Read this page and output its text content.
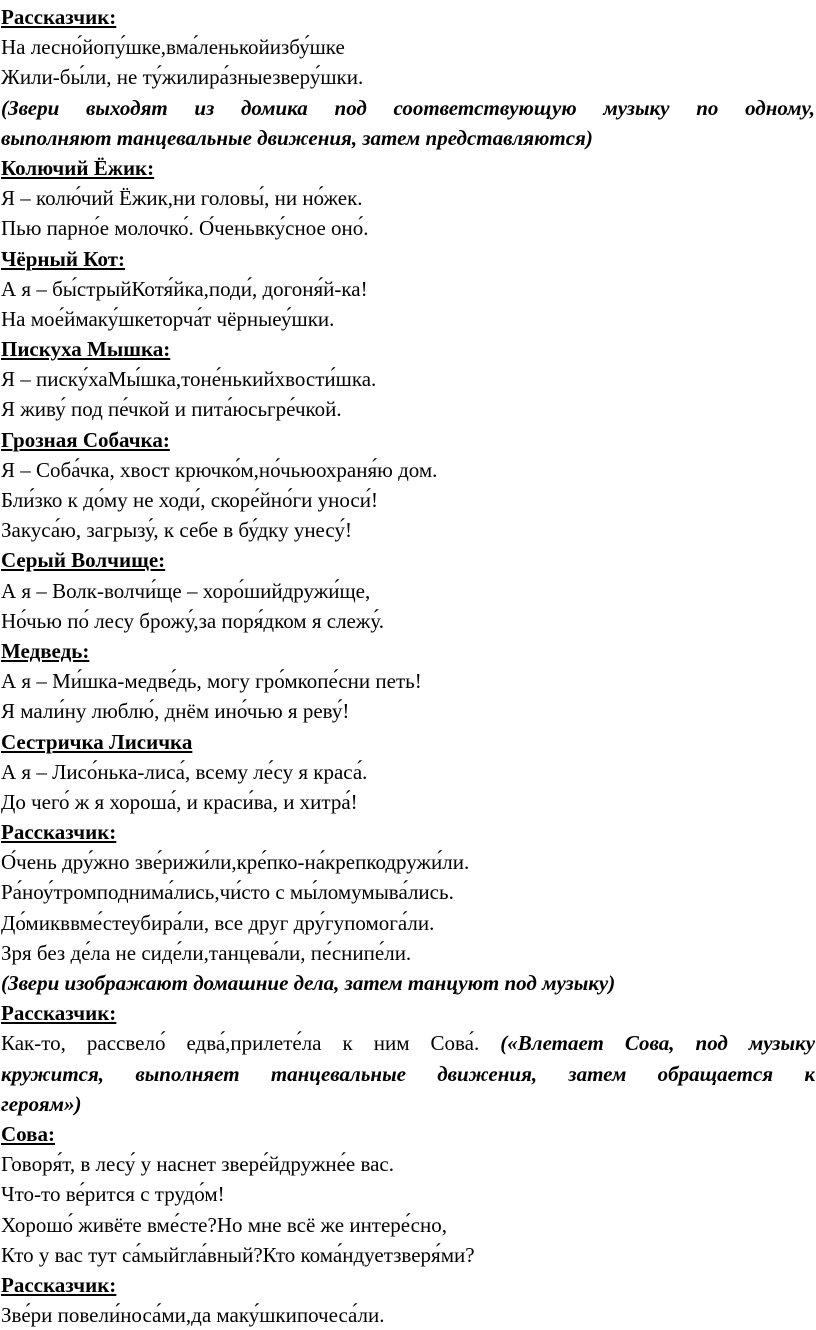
Рассказчик:
На лесно́йопу́шке,вма́ленькойизбу́шке
Жили-бы́ли, не ту́жилира́зныезверу́шки.
(Звери выходят из домика под соответствующую музыку по одному,
выполняют танцевальные движения, затем представляются)
Колючий Ёжик:
Я – колю́чий Ёжик,ни головы́, ни но́жек.
Пью парно́е молочко́. О́ченьвку́сное оно́.
Чёрный Кот:
А я – бы́стрыйКотя́йка,поди́, догоня́й-ка!
На мое́ймаку́шкеторча́т чёрныеу́шки.
Пискуха Мышка:
Я – писку́хаМы́шка,тоне́нькийхвости́шка.
Я живу́ под пе́чкой и пита́юсьгре́чкой.
Грозная Собачка:
Я – Соба́чка, хвост крючко́м,но́чьюохраня́ю дом.
Бли́зко к до́му не ходи́, скоре́йно́ги уноси́!
Закуса́ю, загрызу́, к себе в бу́дку унесу́!
Серый Волчище:
А я – Волк-волчи́ще – хоро́шийдружи́ще,
Но́чью по́ лесу брожу́,за поря́дком я слежу́.
Медведь:
А я – Ми́шка-медве́дь, могу гро́мкопе́сни петь!
Я мали́ну люблю́, днём ино́чью я реву́!
Сестричка Лисичка
А я – Лисо́нька-лиса́, всему ле́су я краса́.
До чего́ ж я хороша́, и краси́ва, и хитра́!
Рассказчик:
О́чень дру́жно зве́рижи́ли,кре́пко-на́крепкодружи́ли.
Ра́ноу́тромподнима́лись,чи́сто с мы́ломумыва́лись.
До́микввме́стеубира́ли, все друг дру́гупомога́ли.
Зря без де́ла не сиде́ли,танцева́ли, пе́снипе́ли.
(Звери изображают домашние дела, затем танцуют под музыку)
Рассказчик:
Как-то, рассвело́ едва́,прилете́ла к ним Сова́. («Влетает Сова, под музыку
кружится, выполняет танцевальные движения, затем обращается к
героям»)
Сова:
Говоря́т, в лесу́ у наснет звере́йдружне́е вас.
Что-то ве́рится с трудо́м!
Хорошо́ живёте вме́сте?Но мне всё же интере́сно,
Кто у вас тут са́мыйгла́вный?Кто кома́ндуетзверя́ми?
Рассказчик:
Зве́ри повели́носа́ми,да маку́шкипочеса́ли.
